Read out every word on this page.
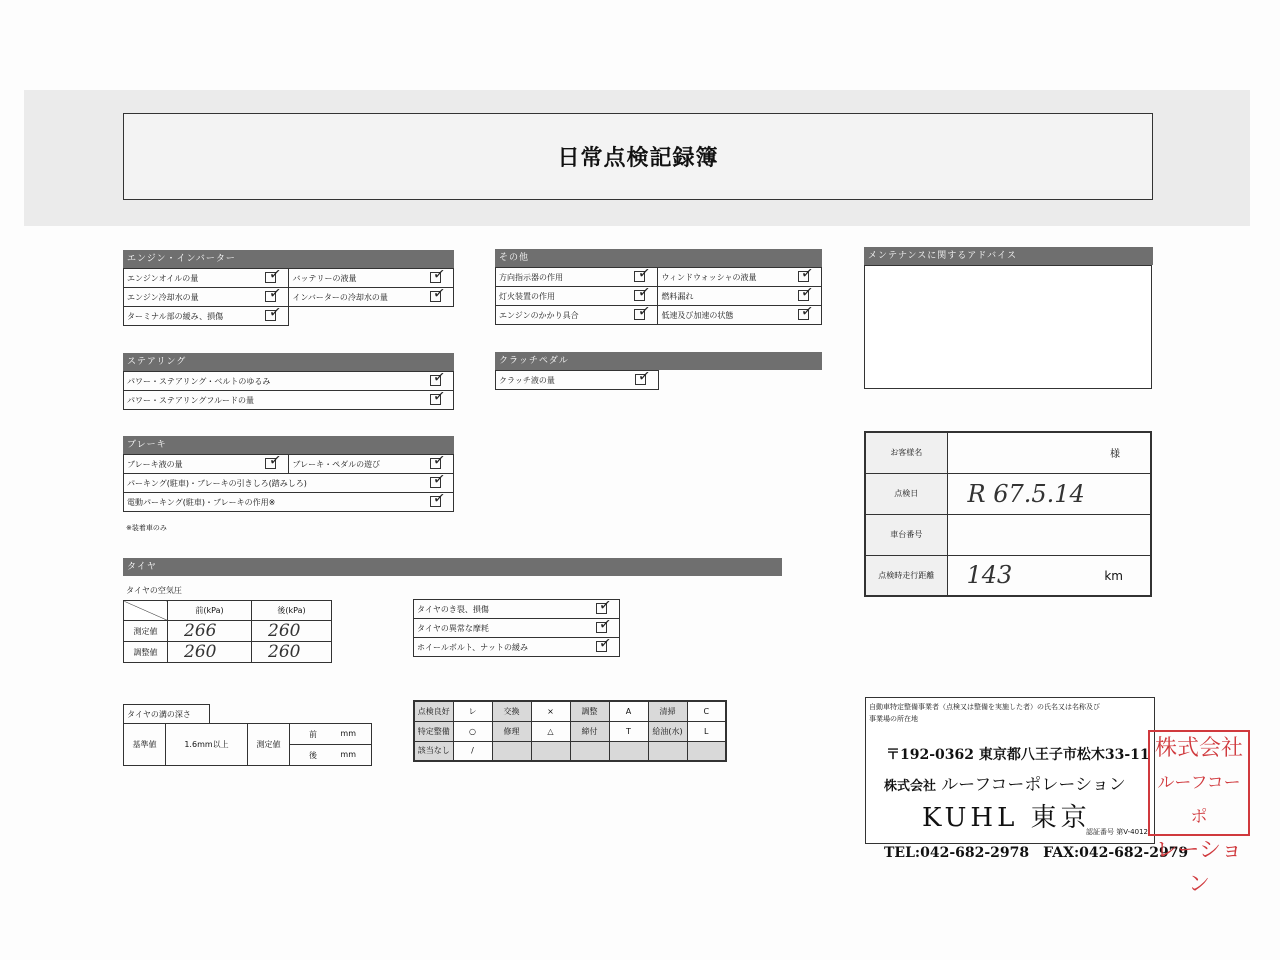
日常点検記録簿
エンジン・インバーター
エンジンオイルの量 ✓	バッテリーの液量 ✓

エンジン冷却水の量 ✓	インバーターの冷却水の量 ✓

ターミナル部の緩み、損傷 ✓	

その他
方向指示器の作用 ✓	ウィンドウォッシャの液量 ✓

灯火装置の作用 ✓	燃料漏れ ✓

エンジンのかかり具合 ✓	低速及び加速の状態 ✓
ステアリング
パワー・ステアリング・ベルトのゆるみ	✓

パワー・ステアリングフルードの量	✓
クラッチペダル
クラッチ液の量	✓
ブレーキ
ブレーキ液の量	✓	ブレーキ・ペダルの遊び	✓

パーキング(駐車)・ブレーキの引きしろ(踏みしろ)	✓

電動パーキング(駐車)・ブレーキの作用※	✓
※装着車のみ
タイヤ
タイヤの空気圧
	前(kPa)	後(kPa)
測定値	266	260
調整値	260	260
タイヤのき裂、損傷	✓

タイヤの異常な摩耗	✓

ホイールボルト、ナットの緩み	✓
タイヤの溝の深さ
基準値	1.6mm以上	測定値	前	mm

後	mm
点検良好	レ	交換	×	調整	A	清掃	C
特定整備	○	修理	△	締付	T	給油(水)	L
該当なし	/						
メンテナンスに関するアドバイス
お客様名	様
点検日	R 67.5.14
車台番号	
点検時走行距離	143 km
自動車特定整備事業者（点検又は整備を実施した者）の氏名又は名称及び
事業場の所在地
〒192-0362 東京都八王子市松木33-11
株式会社 ルーフコーポレーション
KUHL 東京
認証番号 第V-4012
TEL:042-682-2978　FAX:042-682-2979
株式会社
ルーフコーポ
レーション
